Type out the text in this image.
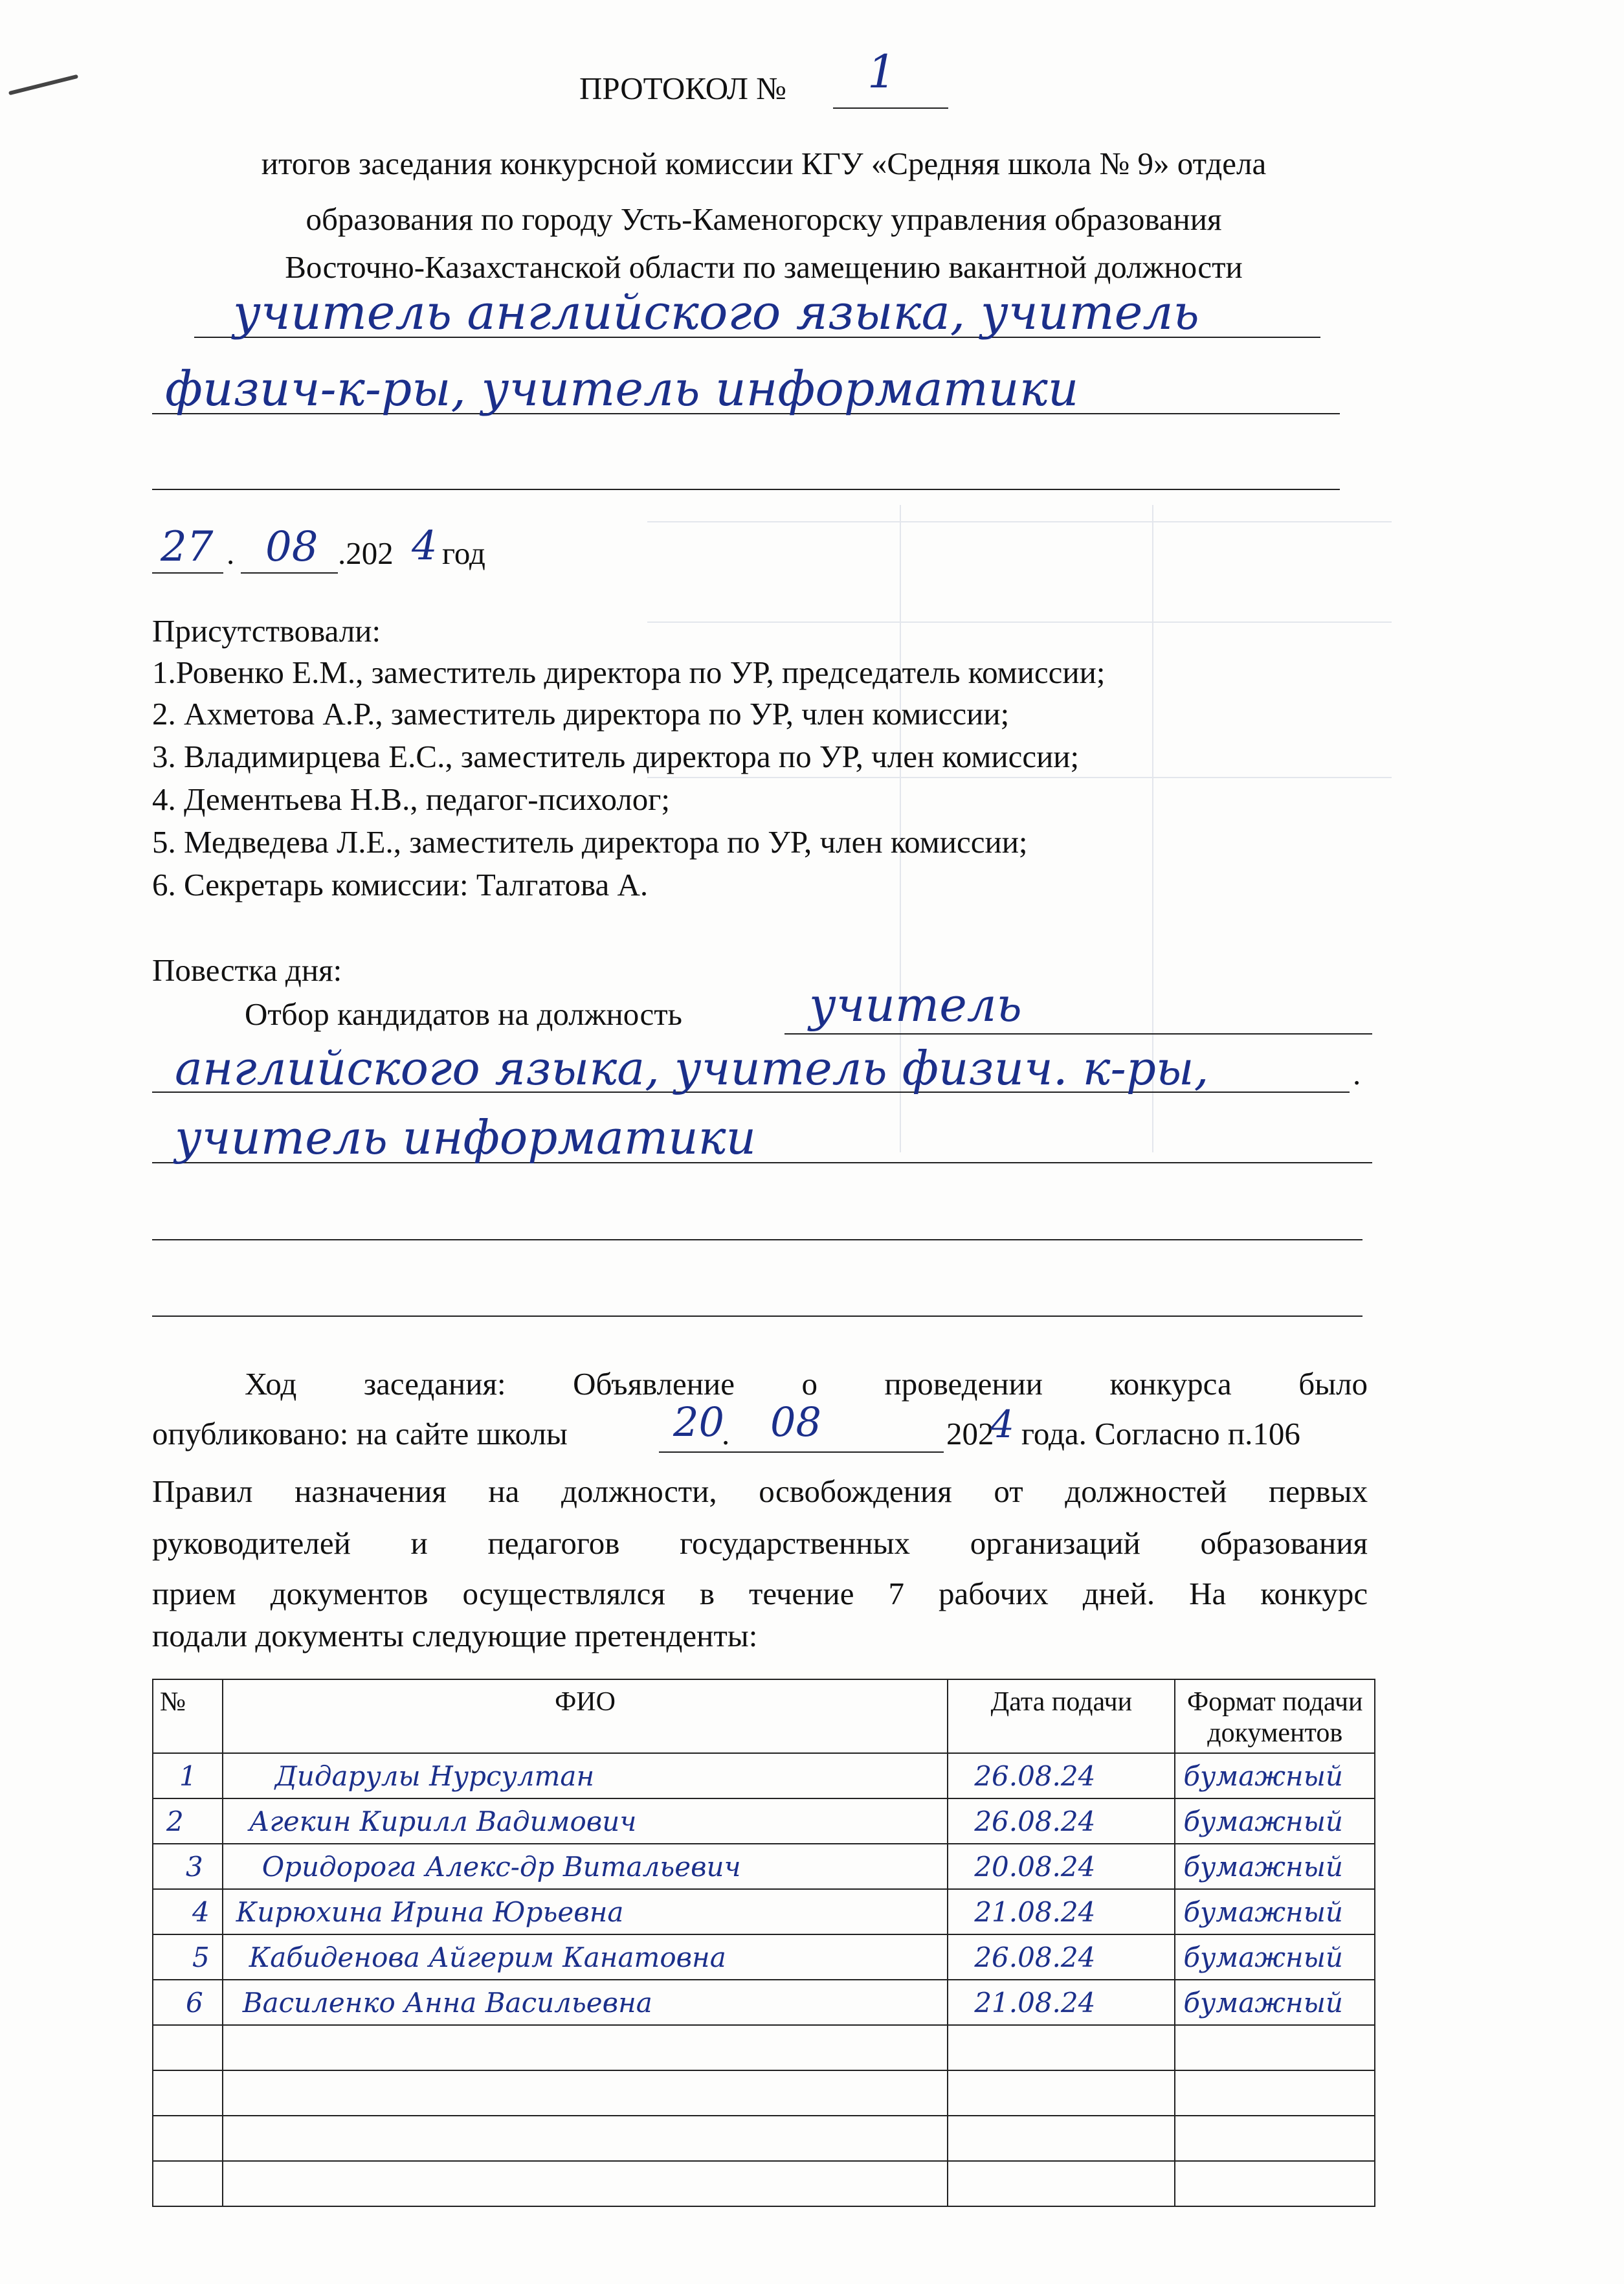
ПРОТОКОЛ № 1
итогов заседания конкурсной комиссии КГУ «Средняя школа № 9» отдела
образования по городу Усть-Каменогорску управления образования
Восточно-Казахстанской области по замещению вакантной должности
учитель английского языка, учитель
физич-к-ры, учитель информатики
27 . 08 .202 4 год
Присутствовали:
1.Ровенко Е.М., заместитель директора по УР, председатель комиссии;
2. Ахметова А.Р., заместитель директора по УР, член комиссии;
3. Владимирцева Е.С., заместитель директора по УР, член комиссии;
4. Дементьева Н.В., педагог-психолог;
5. Медведева Л.Е., заместитель директора по УР, член комиссии;
6. Секретарь комиссии: Талгатова А.
Повестка дня:
Отбор кандидатов на должность	учитель
английского языка, учитель физич. к-ры,	.
учитель информатики
Ход заседания: Объявление о проведении конкурса было
опубликовано: на сайте школы	20
. 08	202
4 года. Согласно п.106
Правил назначения на должности, освобождения от должностей первых
руководителей и педагогов государственных организаций образования
прием документов осуществлялся в течение 7 рабочих дней. На конкурс
подали документы следующие претенденты:
№	ФИО	Дата подачи	Формат подачи документов
1	Дидарулы Нурсултан	26.08.24	бумажный
2	Агекин Кирилл Вадимович	26.08.24	бумажный
3	Оридорога Алекс-др Витальевич	20.08.24	бумажный
4	Кирюхина Ирина Юрьевна	21.08.24	бумажный
5	Кабиденова Айгерим Канатовна	26.08.24	бумажный
6	Василенко Анна Васильевна	21.08.24	бумажный
